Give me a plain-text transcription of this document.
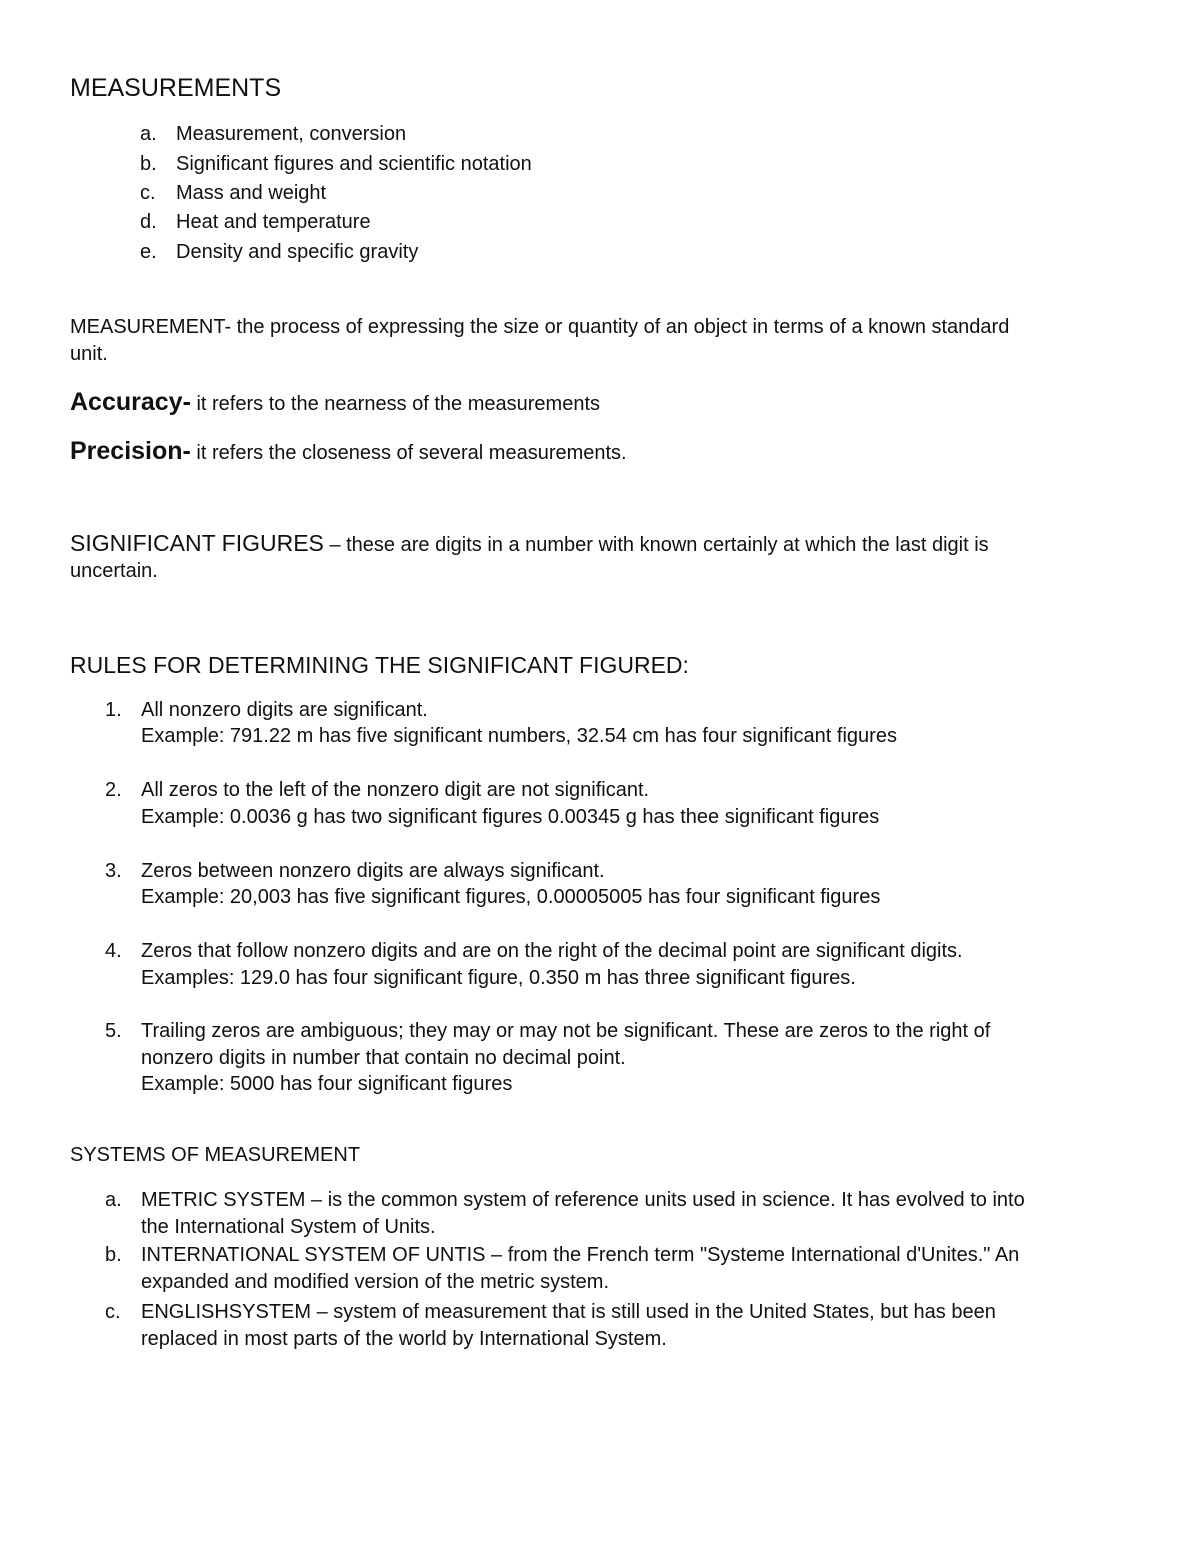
MEASUREMENTS
a. Measurement, conversion
b. Significant figures and scientific notation
c. Mass and weight
d. Heat and temperature
e. Density and specific gravity
MEASUREMENT- the process of expressing the size or quantity of an object in terms of a known standard
unit.
Accuracy- it refers to the nearness of the measurements
Precision- it refers the closeness of several measurements.
SIGNIFICANT FIGURES – these are digits in a number with known certainly at which the last digit is
uncertain.
RULES FOR DETERMINING THE SIGNIFICANT FIGURED:
1. All nonzero digits are significant.
Example: 791.22 m has five significant numbers, 32.54 cm has four significant figures
2. All zeros to the left of the nonzero digit are not significant.
Example: 0.0036 g has two significant figures 0.00345 g has thee significant figures
3. Zeros between nonzero digits are always significant.
Example: 20,003 has five significant figures, 0.00005005 has four significant figures
4. Zeros that follow nonzero digits and are on the right of the decimal point are significant digits.
Examples: 129.0 has four significant figure, 0.350 m has three significant figures.
5. Trailing zeros are ambiguous; they may or may not be significant. These are zeros to the right of
nonzero digits in number that contain no decimal point.
Example: 5000 has four significant figures
SYSTEMS OF MEASUREMENT
a. METRIC SYSTEM – is the common system of reference units used in science. It has evolved to into
the International System of Units.
b. INTERNATIONAL SYSTEM OF UNTIS – from the French term "Systeme International d'Unites." An
expanded and modified version of the metric system.
c. ENGLISHSYSTEM – system of measurement that is still used in the United States, but has been
replaced in most parts of the world by International System.
